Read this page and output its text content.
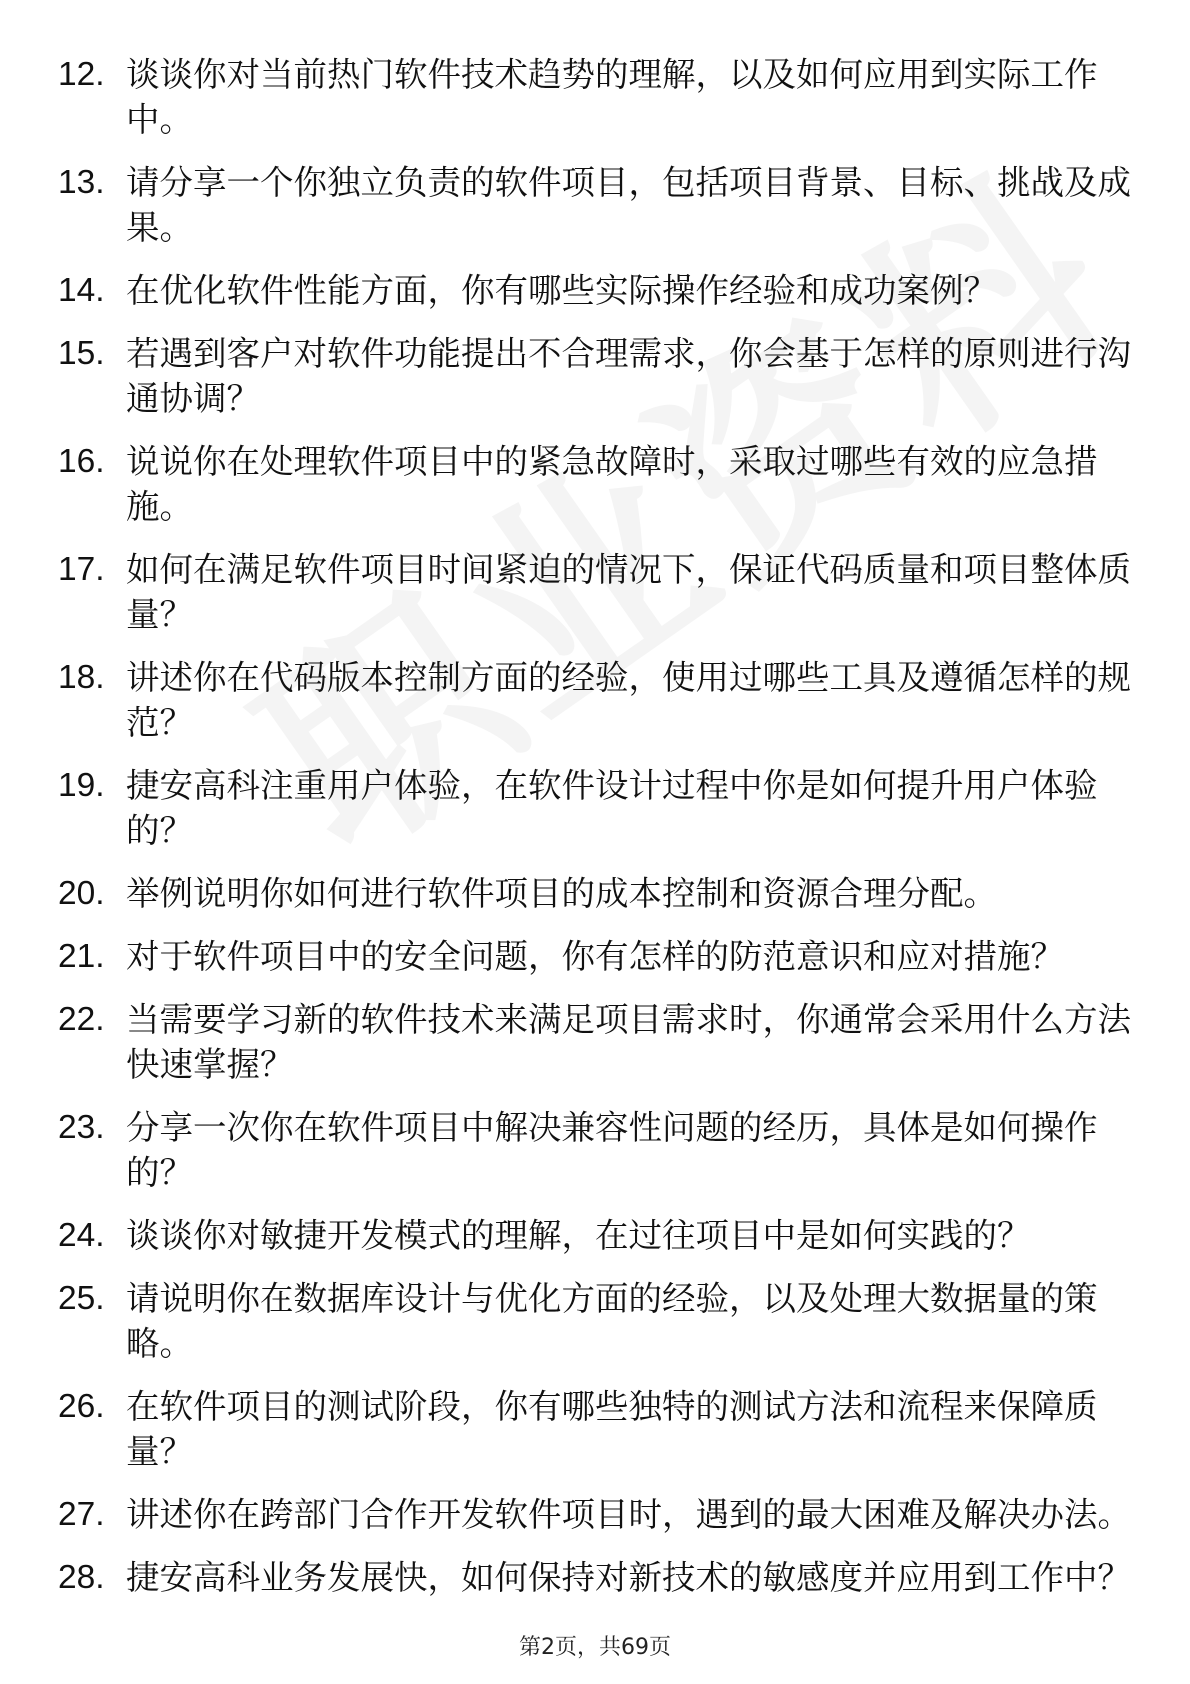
12. 谈谈你对当前热门软件技术趋势的理解，以及如何应用到实际工作中。
13. 请分享一个你独立负责的软件项目，包括项目背景、目标、挑战及成果。
14. 在优化软件性能方面，你有哪些实际操作经验和成功案例？
15. 若遇到客户对软件功能提出不合理需求，你会基于怎样的原则进行沟通协调？
16. 说说你在处理软件项目中的紧急故障时，采取过哪些有效的应急措施。
17. 如何在满足软件项目时间紧迫的情况下，保证代码质量和项目整体质量？
18. 讲述你在代码版本控制方面的经验，使用过哪些工具及遵循怎样的规范？
19. 捷安高科注重用户体验，在软件设计过程中你是如何提升用户体验的？
20. 举例说明你如何进行软件项目的成本控制和资源合理分配。
21. 对于软件项目中的安全问题，你有怎样的防范意识和应对措施？
22. 当需要学习新的软件技术来满足项目需求时，你通常会采用什么方法快速掌握？
23. 分享一次你在软件项目中解决兼容性问题的经历，具体是如何操作的？
24. 谈谈你对敏捷开发模式的理解，在过往项目中是如何实践的？
25. 请说明你在数据库设计与优化方面的经验，以及处理大数据量的策略。
26. 在软件项目的测试阶段，你有哪些独特的测试方法和流程来保障质量？
27. 讲述你在跨部门合作开发软件项目时，遇到的最大困难及解决办法。
28. 捷安高科业务发展快，如何保持对新技术的敏感度并应用到工作中？
第2页，共69页
